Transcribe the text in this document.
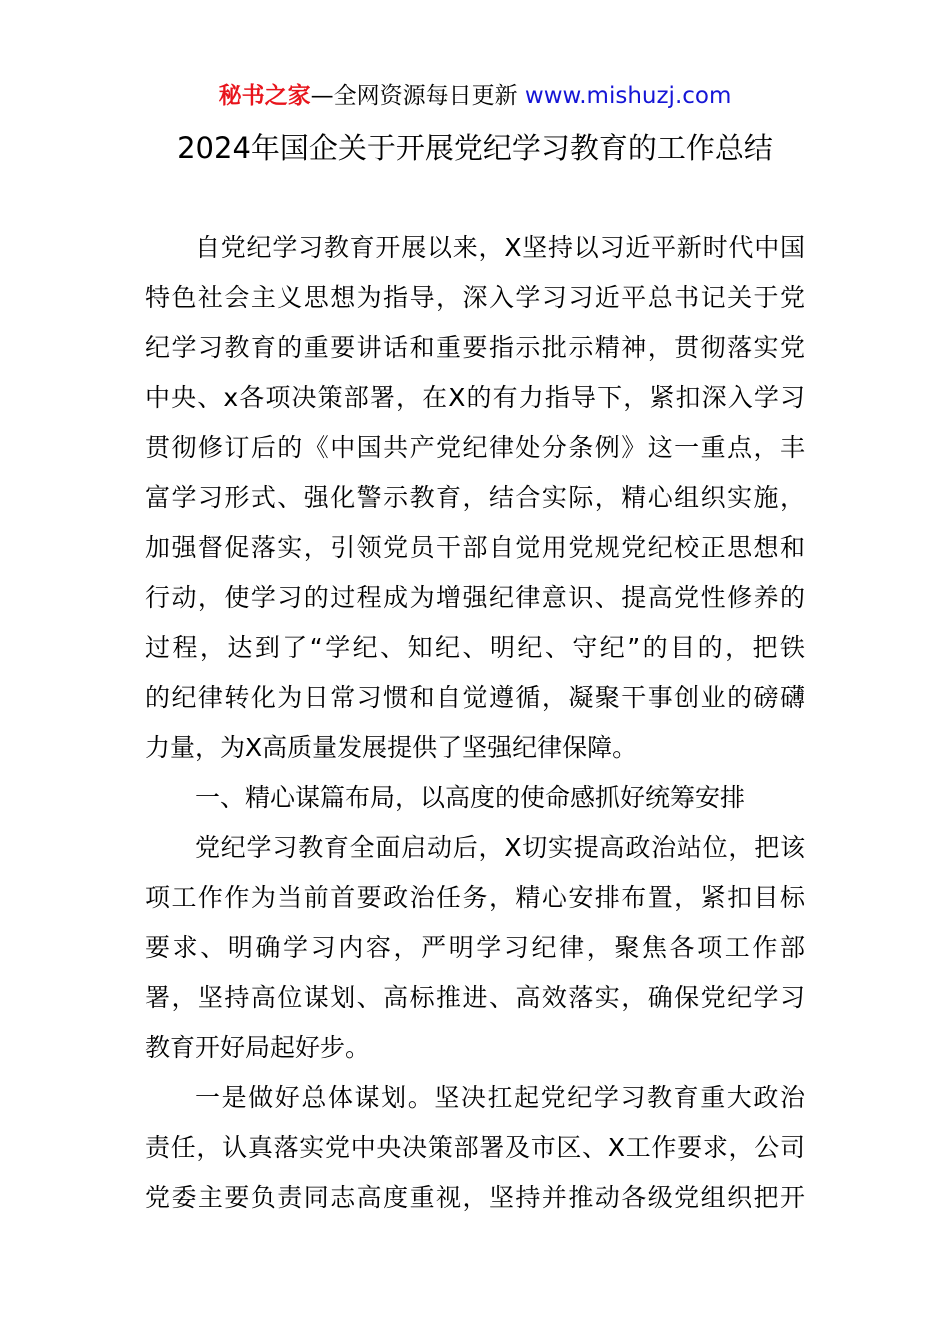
秘书之家—全网资源每日更新 www.mishuzj.com
2024年国企关于开展党纪学习教育的工作总结
自党纪学习教育开展以来，X坚持以习近平新时代中国
特色社会主义思想为指导，深入学习习近平总书记关于党
纪学习教育的重要讲话和重要指示批示精神，贯彻落实党
中央、x各项决策部署，在X的有力指导下，紧扣深入学习
贯彻修订后的《中国共产党纪律处分条例》这一重点，丰
富学习形式、强化警示教育，结合实际，精心组织实施，
加强督促落实，引领党员干部自觉用党规党纪校正思想和
行动，使学习的过程成为增强纪律意识、提高党性修养的
过程，达到了“学纪、知纪、明纪、守纪”的目的，把铁
的纪律转化为日常习惯和自觉遵循，凝聚干事创业的磅礴
力量，为X高质量发展提供了坚强纪律保障。
一、精心谋篇布局，以高度的使命感抓好统筹安排
党纪学习教育全面启动后，X切实提高政治站位，把该
项工作作为当前首要政治任务，精心安排布置，紧扣目标
要求、明确学习内容，严明学习纪律，聚焦各项工作部
署，坚持高位谋划、高标推进、高效落实，确保党纪学习
教育开好局起好步。
一是做好总体谋划。坚决扛起党纪学习教育重大政治
责任，认真落实党中央决策部署及市区、X工作要求，公司
党委主要负责同志高度重视，坚持并推动各级党组织把开
